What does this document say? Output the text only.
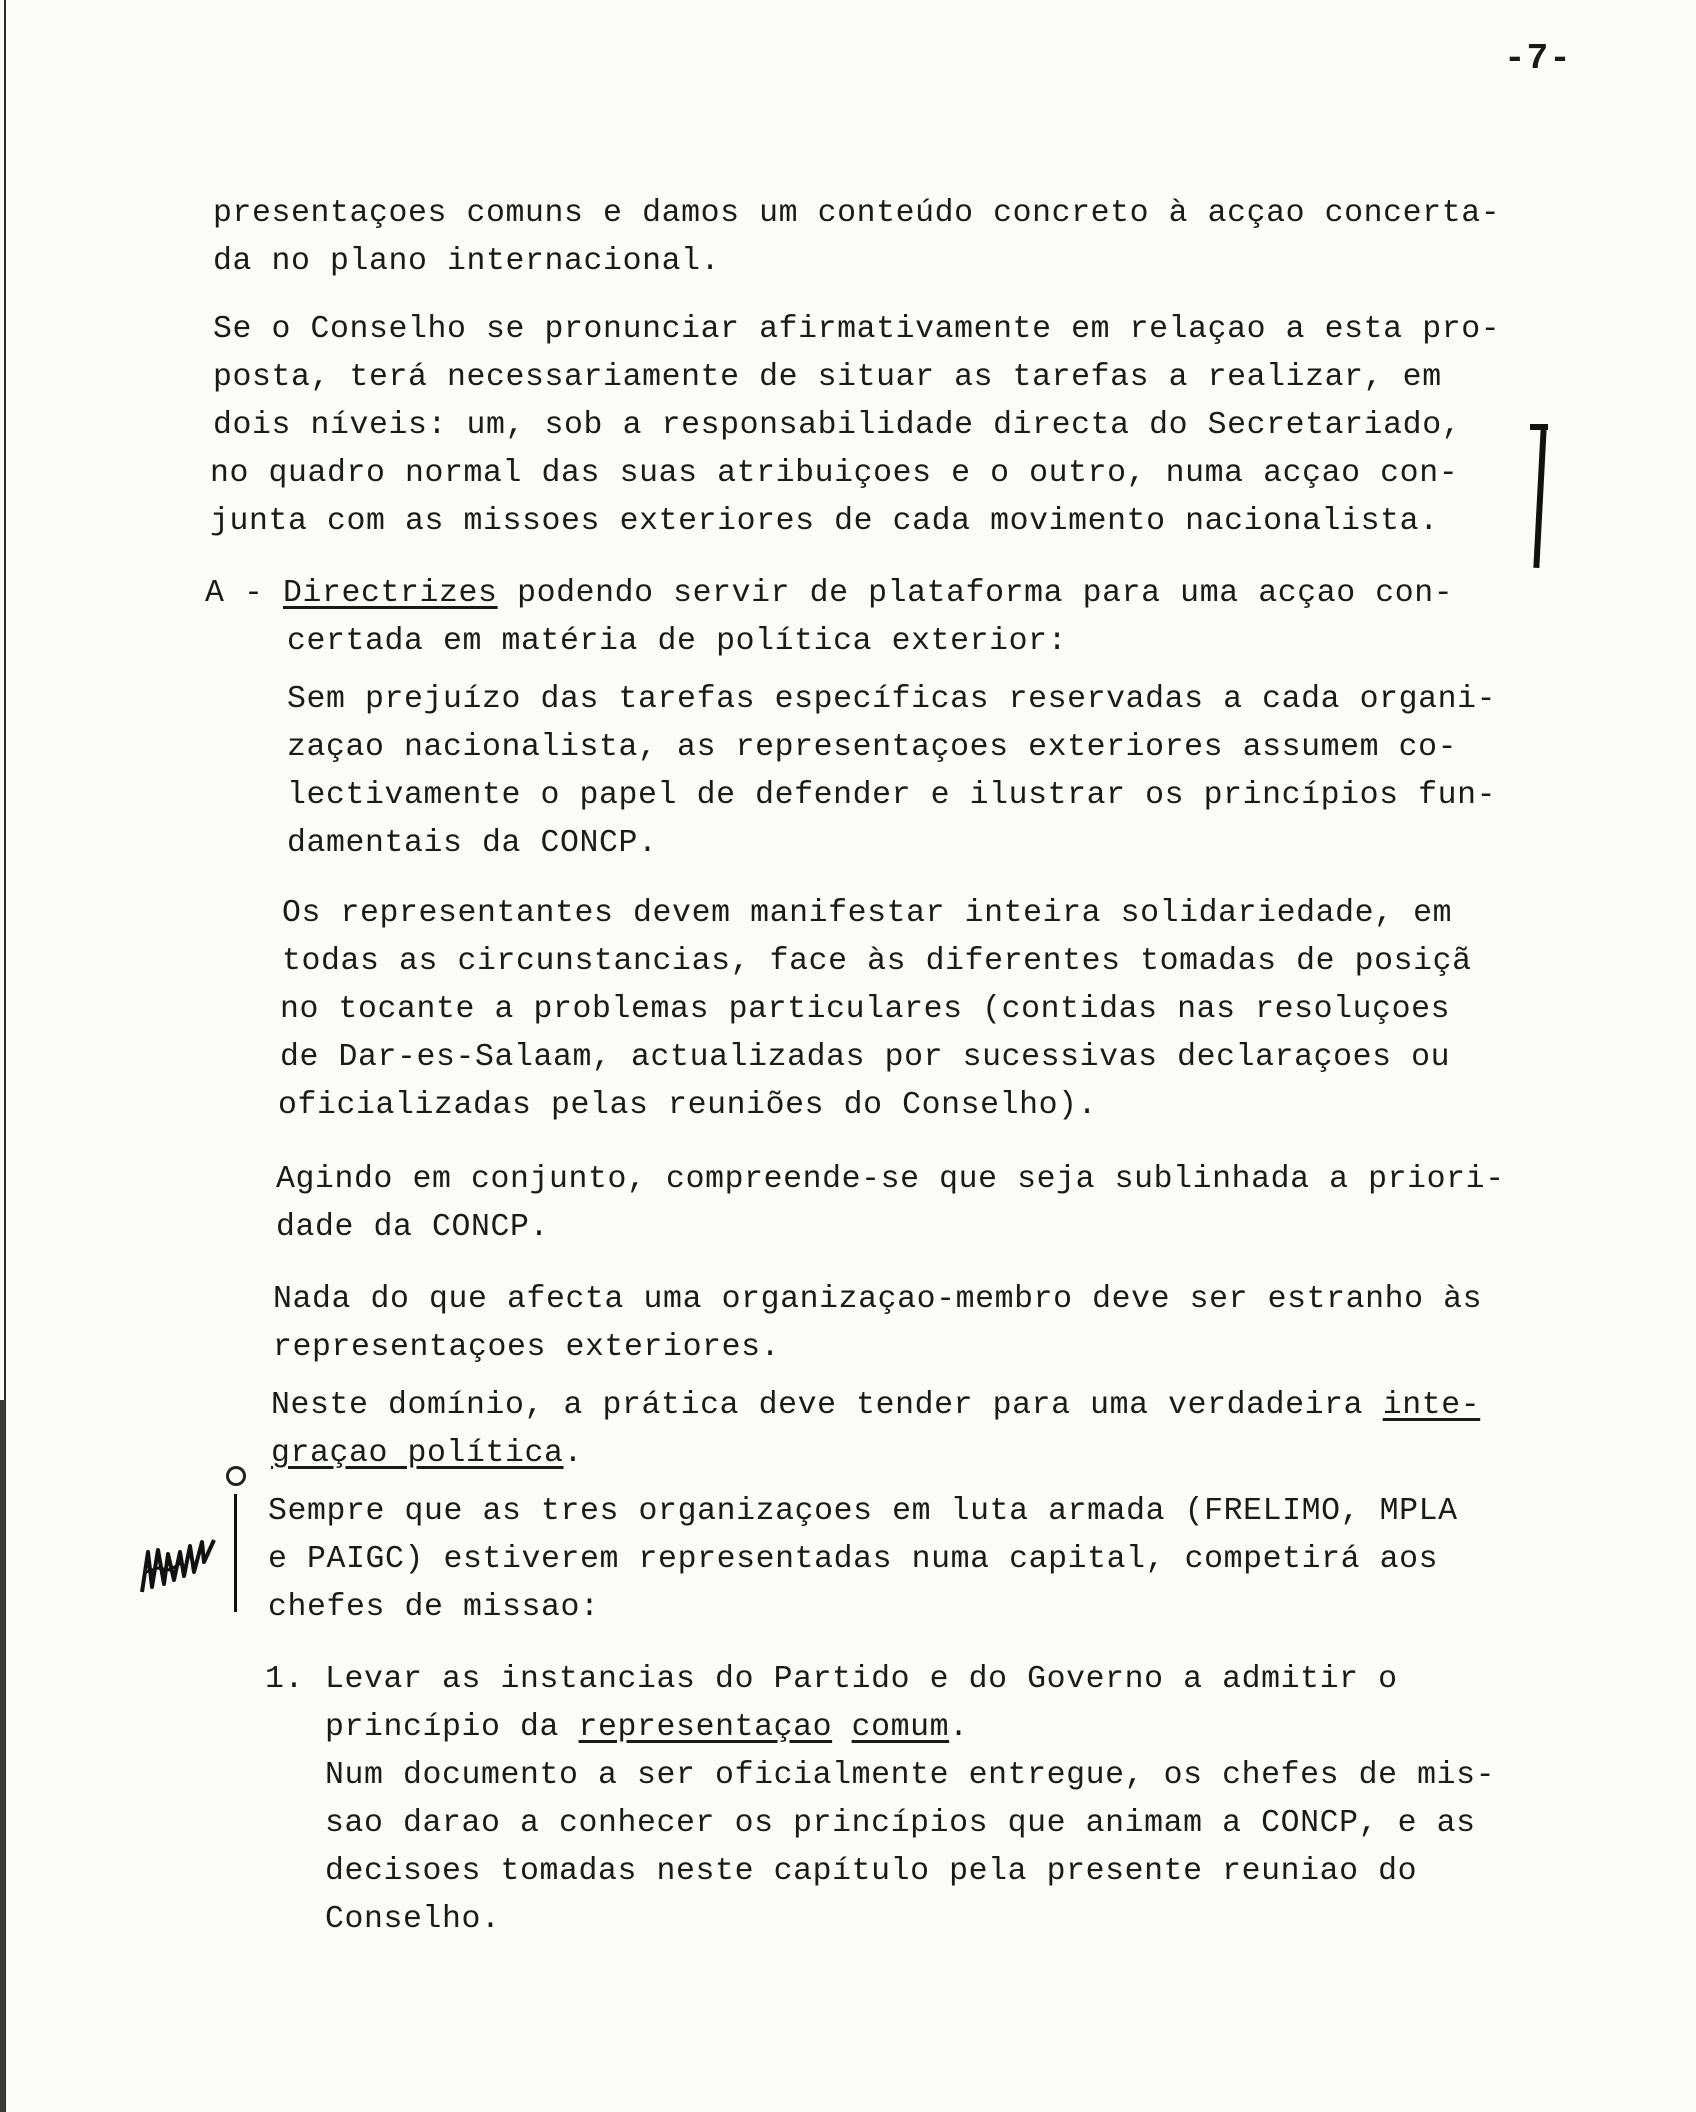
-7-
presentaçoes comuns e damos um conteúdo concreto à acçao concerta-
da no plano internacional.
Se o Conselho se pronunciar afirmativamente em relaçao a esta pro-
posta, terá necessariamente de situar as tarefas a realizar, em
dois níveis: um, sob a responsabilidade directa do Secretariado,
no quadro normal das suas atribuiçoes e o outro, numa acçao con-
junta com as missoes exteriores de cada movimento nacionalista.
A - Directrizes podendo servir de plataforma para uma acçao con-
certada em matéria de política exterior:
Sem prejuízo das tarefas específicas reservadas a cada organi-
zaçao nacionalista, as representaçoes exteriores assumem co-
lectivamente o papel de defender e ilustrar os princípios fun-
damentais da CONCP.
Os representantes devem manifestar inteira solidariedade, em
todas as circunstancias, face às diferentes tomadas de posiçã
no tocante a problemas particulares (contidas nas resoluçoes
de Dar-es-Salaam, actualizadas por sucessivas declaraçoes ou
oficializadas pelas reuniões do Conselho).
Agindo em conjunto, compreende-se que seja sublinhada a priori-
dade da CONCP.
Nada do que afecta uma organizaçao-membro deve ser estranho às
representaçoes exteriores.
Neste domínio, a prática deve tender para uma verdadeira inte-
graçao política.
Sempre que as tres organizaçoes em luta armada (FRELIMO, MPLA
e PAIGC) estiverem representadas numa capital, competirá aos
chefes de missao:
1. Levar as instancias do Partido e do Governo a admitir o
princípio da representaçao comum.
Num documento a ser oficialmente entregue, os chefes de mis-
sao darao a conhecer os princípios que animam a CONCP, e as
decisoes tomadas neste capítulo pela presente reuniao do
Conselho.
